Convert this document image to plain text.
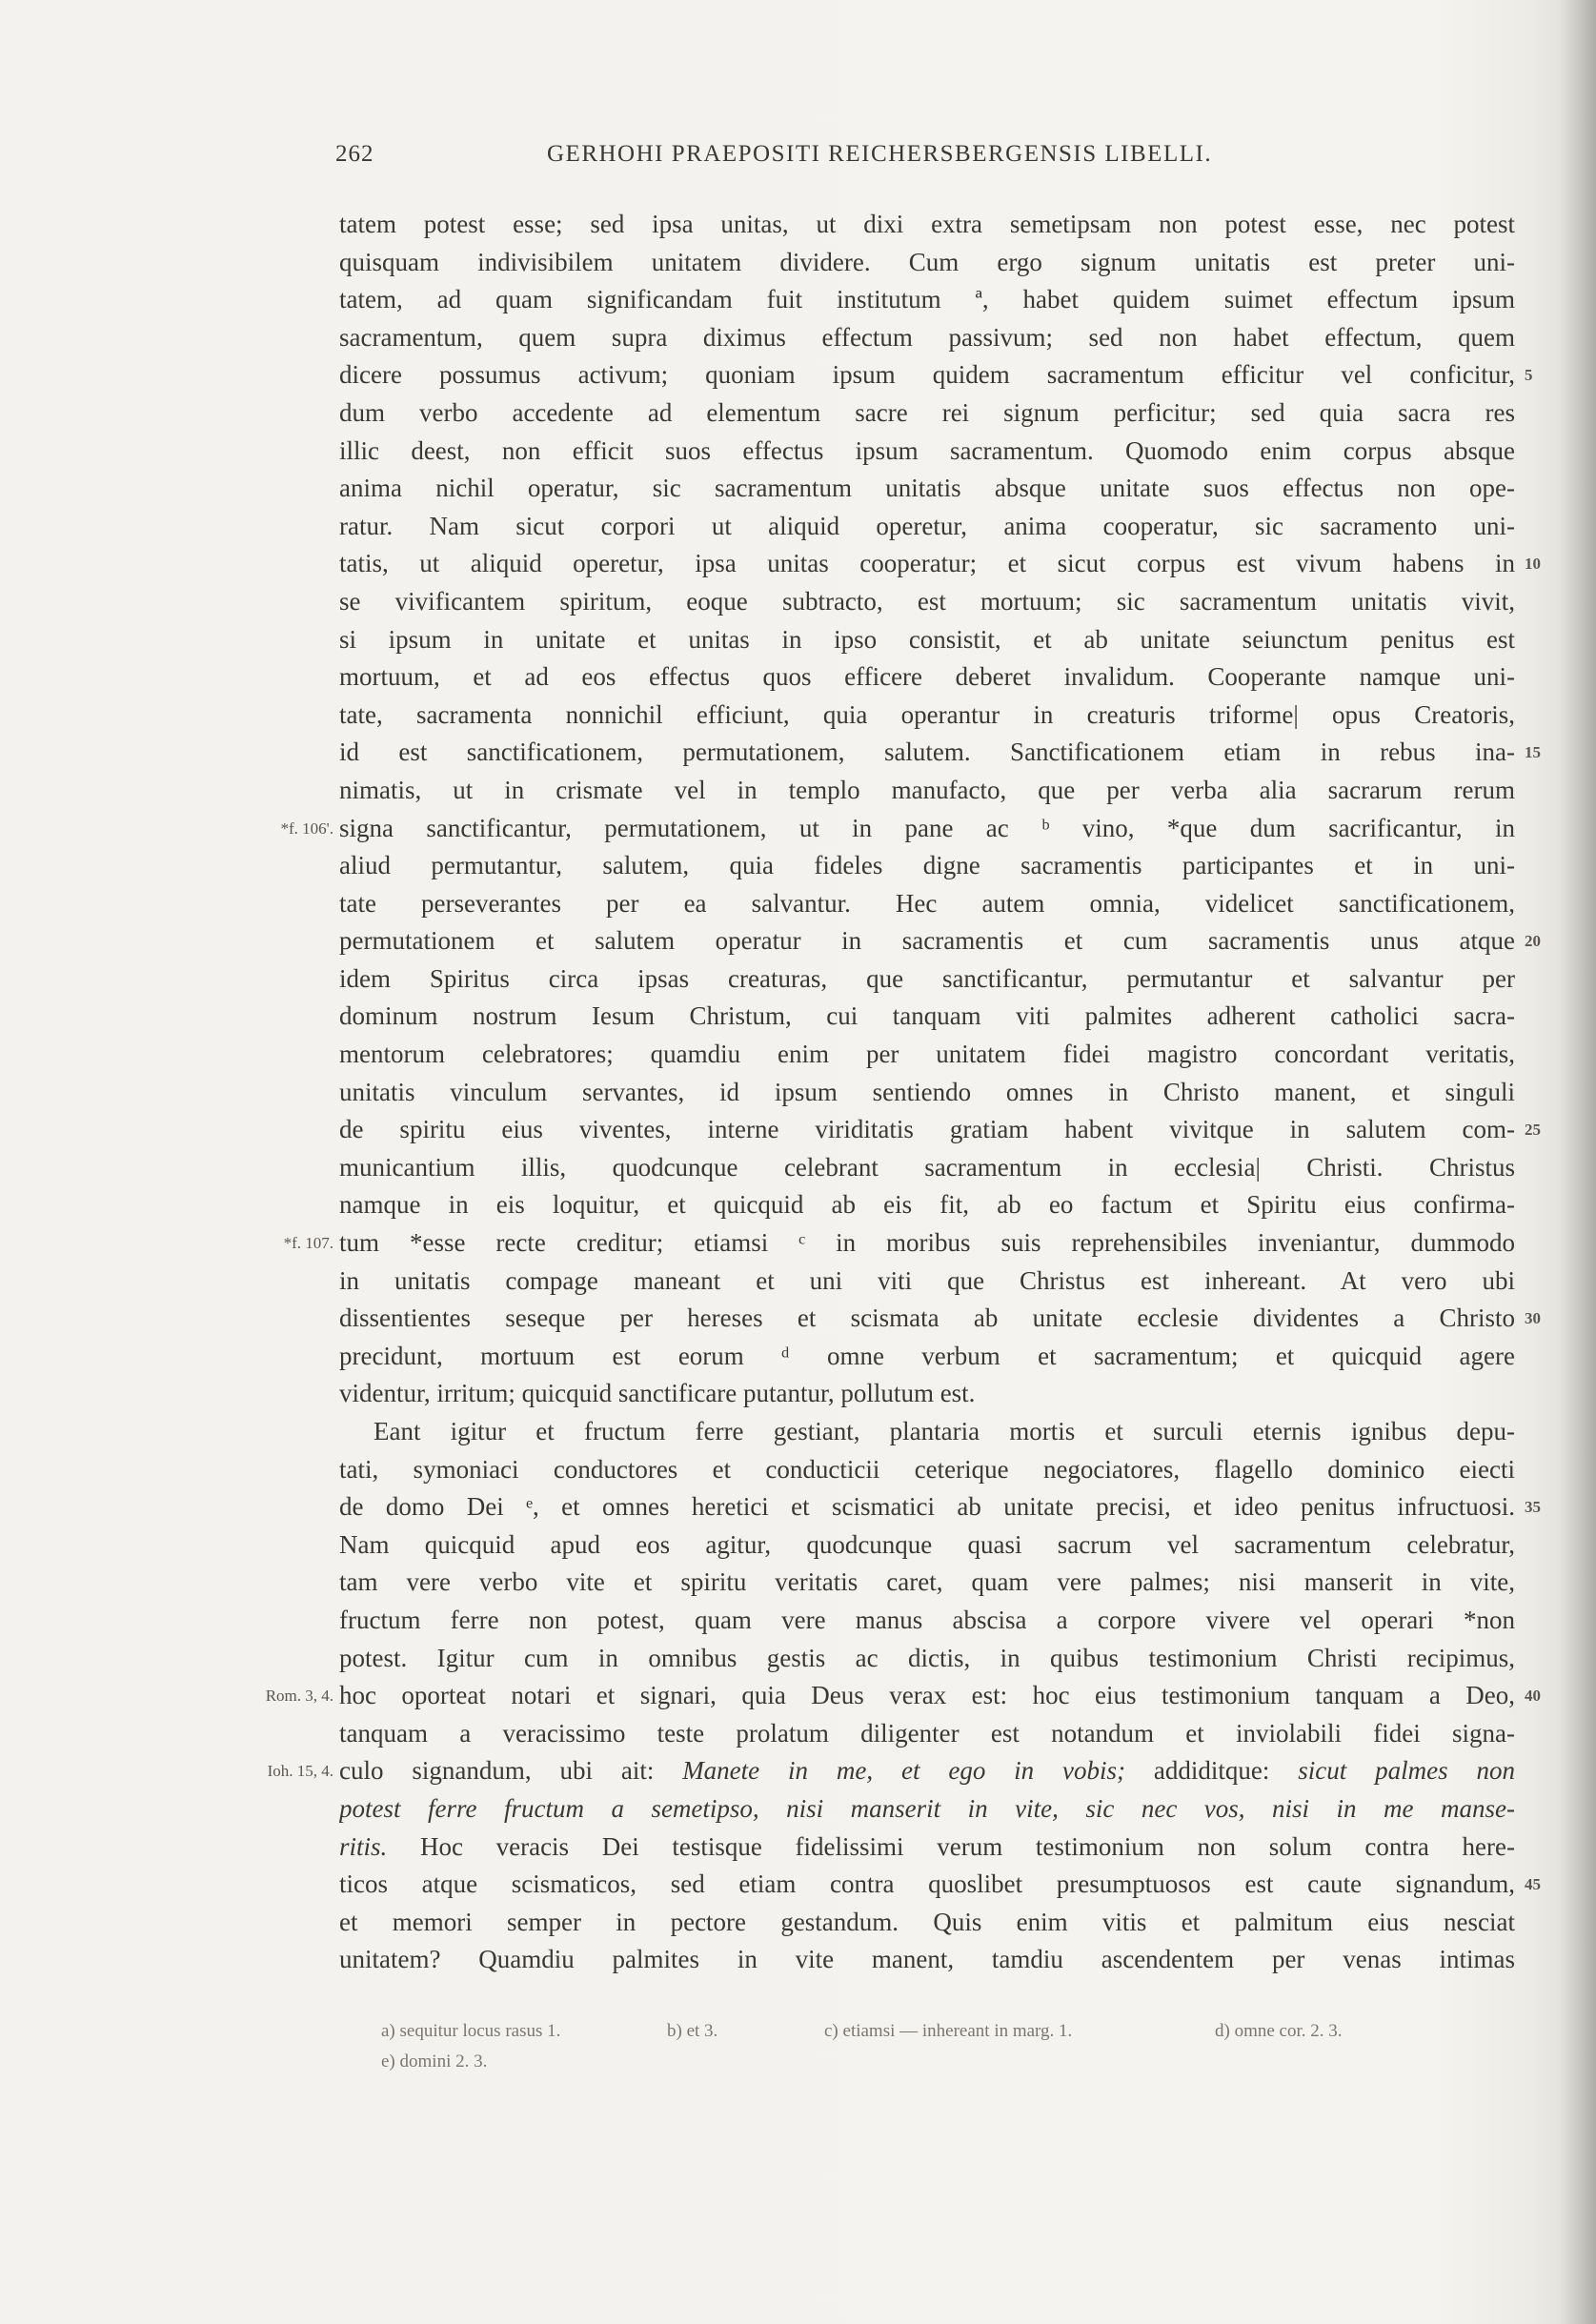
262	GERHOHI PRAEPOSITI REICHERSBERGENSIS LIBELLI.
tatem potest esse; sed ipsa unitas, ut dixi extra semetipsam non potest esse, nec potest
quisquam indivisibilem unitatem dividere. Cum ergo signum unitatis est preter uni-
tatem, ad quam significandam fuit institutum ª, habet quidem suimet effectum ipsum
sacramentum, quem supra diximus effectum passivum; sed non habet effectum, quem
dicere possumus activum; quoniam ipsum quidem sacramentum efficitur vel conficitur, 5
dum verbo accedente ad elementum sacre rei signum perficitur; sed quia sacra res
illic deest, non efficit suos effectus ipsum sacramentum. Quomodo enim corpus absque
anima nichil operatur, sic sacramentum unitatis absque unitate suos effectus non ope-
ratur. Nam sicut corpori ut aliquid operetur, anima cooperatur, sic sacramento uni-
tatis, ut aliquid operetur, ipsa unitas cooperatur; et sicut corpus est vivum habens in 10
se vivificantem spiritum, eoque subtracto, est mortuum; sic sacramentum unitatis vivit,
si ipsum in unitate et unitas in ipso consistit, et ab unitate seiunctum penitus est
mortuum, et ad eos effectus quos efficere deberet invalidum. Cooperante namque uni-
tate, sacramenta nonnichil efficiunt, quia operantur in creaturis triforme| opus Creatoris,
id est sanctificationem, permutationem, salutem. Sanctificationem etiam in rebus ina- 15
nimatis, ut in crismate vel in templo manufacto, que per verba alia sacrarum rerum
signa sanctificantur, permutationem, ut in pane ac ᵇ vino, *que dum sacrificantur, in
*f. 106'.
aliud permutantur, salutem, quia fideles digne sacramentis participantes et in uni-
tate perseverantes per ea salvantur. Hec autem omnia, videlicet sanctificationem,
permutationem et salutem operatur in sacramentis et cum sacramentis unus atque 20
idem Spiritus circa ipsas creaturas, que sanctificantur, permutantur et salvantur per
dominum nostrum Iesum Christum, cui tanquam viti palmites adherent catholici sacra-
mentorum celebratores; quamdiu enim per unitatem fidei magistro concordant veritatis,
unitatis vinculum servantes, id ipsum sentiendo omnes in Christo manent, et singuli
de spiritu eius viventes, interne viriditatis gratiam habent vivitque in salutem com- 25
municantium illis, quodcunque celebrant sacramentum in ecclesia| Christi. Christus
namque in eis loquitur, et quicquid ab eis fit, ab eo factum et Spiritu eius confirma-
tum *esse recte creditur; etiamsi ᶜ in moribus suis reprehensibiles inveniantur, dummodo
*f. 107.
in unitatis compage maneant et uni viti que Christus est inhereant. At vero ubi
dissentientes seseque per hereses et scismata ab unitate ecclesie dividentes a Christo 30
precidunt, mortuum est eorum ᵈ omne verbum et sacramentum; et quicquid agere
videntur, irritum; quicquid sanctificare putantur, pollutum est.
Eant igitur et fructum ferre gestiant, plantaria mortis et surculi eternis ignibus depu-
tati, symoniaci conductores et conducticii ceterique negociatores, flagello dominico eiecti
de domo Dei ᵉ, et omnes heretici et scismatici ab unitate precisi, et ideo penitus infructuosi. 35
Nam quicquid apud eos agitur, quodcunque quasi sacrum vel sacramentum celebratur,
tam vere verbo vite et spiritu veritatis caret, quam vere palmes; nisi manserit in vite,
fructum ferre non potest, quam vere manus abscisa a corpore vivere vel operari *non
potest. Igitur cum in omnibus gestis ac dictis, in quibus testimonium Christi recipimus,
hoc oporteat notari et signari, quia Deus verax est: hoc eius testimonium tanquam a Deo, 40
Rom. 3, 4.
tanquam a veracissimo teste prolatum diligenter est notandum et inviolabili fidei signa-
culo signandum, ubi ait: Manete in me, et ego in vobis; addiditque: sicut palmes non
Ioh. 15, 4.
potest ferre fructum a semetipso, nisi manserit in vite, sic nec vos, nisi in me manse-
ritis. Hoc veracis Dei testisque fidelissimi verum testimonium non solum contra here-
ticos atque scismaticos, sed etiam contra quoslibet presumptuosos est caute signandum, 45
et memori semper in pectore gestandum. Quis enim vitis et palmitum eius nesciat
unitatem? Quamdiu palmites in vite manent, tamdiu ascendentem per venas intimas
a) sequitur locus rasus 1.	b) et 3.	c) etiamsi — inhereant in marg. 1.	d) omne cor. 2. 3.
e) domini 2. 3.
